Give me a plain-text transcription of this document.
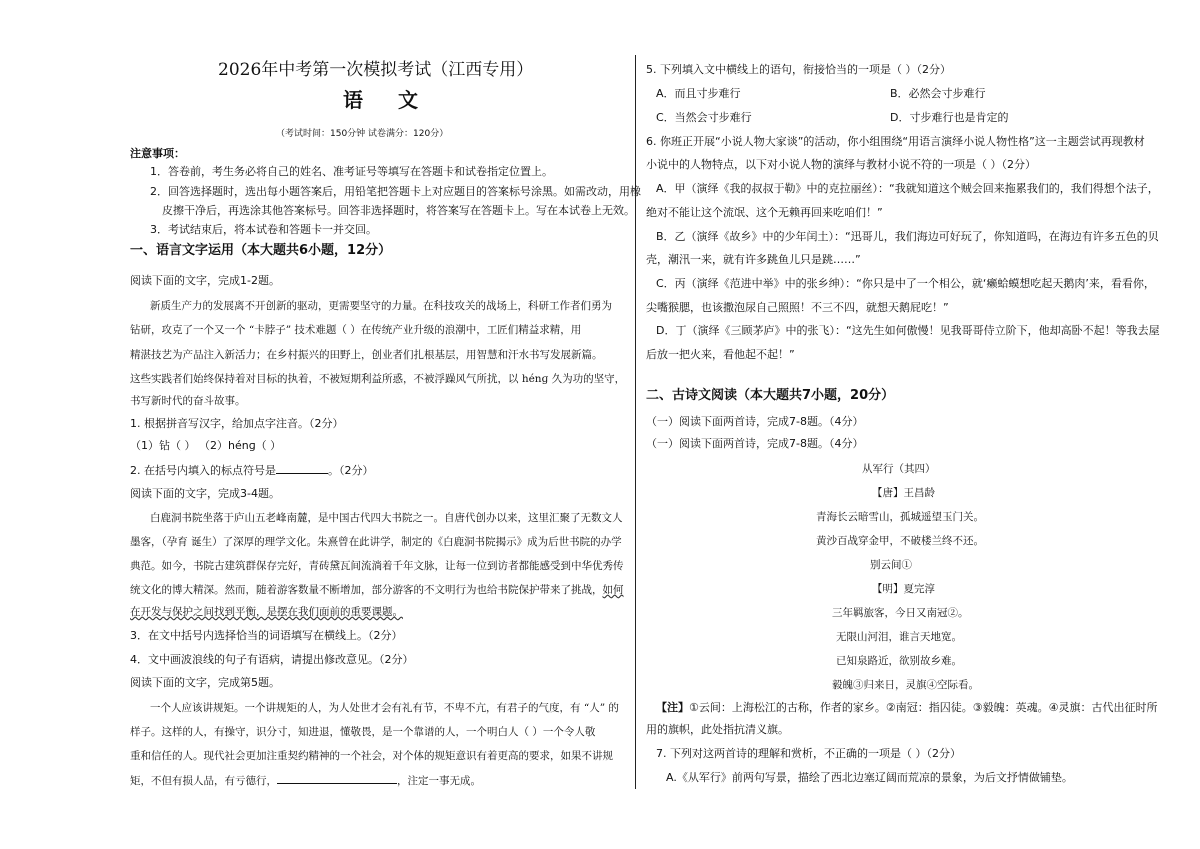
2026年中考第一次模拟考试（江西专用）
语 文
（考试时间：150分钟 试卷满分：120分）
注意事项：
1．答卷前，考生务必将自己的姓名、准考证号等填写在答题卡和试卷指定位置上。
2．回答选择题时，选出每小题答案后，用铅笔把答题卡上对应题目的答案标号涂黑。如需改动，用橡
皮擦干净后，再选涂其他答案标号。回答非选择题时，将答案写在答题卡上。写在本试卷上无效。
3．考试结束后，将本试卷和答题卡一并交回。
一、语言文字运用（本大题共6小题，12分）
阅读下面的文字，完成1-2题。
新质生产力的发展离不开创新的驱动，更需要坚守的力量。在科技攻关的战场上，科研工作者们勇为
钻研，攻克了一个又一个 “卡脖子” 技术难题（ ）在传统产业升级的浪潮中，工匠们精益求精，用
精湛技艺为产品注入新活力；在乡村振兴的田野上，创业者们扎根基层，用智慧和汗水书写发展新篇。
这些实践者们始终保持着对目标的执着，不被短期利益所惑，不被浮躁风气所扰，以 hénɡ 久为功的坚守，
书写新时代的奋斗故事。
1. 根据拼音写汉字，给加点字注音。（2分）
（1）钻（ ） （2）hénɡ（ ）
2. 在括号内填入的标点符号是	。（2分）
阅读下面的文字，完成3-4题。
白鹿洞书院坐落于庐山五老峰南麓，是中国古代四大书院之一。自唐代创办以来，这里汇聚了无数文人
墨客，（孕育 诞生）了深厚的理学文化。朱熹曾在此讲学，制定的《白鹿洞书院揭示》成为后世书院的办学
典范。如今，书院古建筑群保存完好，青砖黛瓦间流淌着千年文脉，让每一位到访者都能感受到中华优秀传
统文化的博大精深。然而，随着游客数量不断增加，部分游客的不文明行为也给书院保护带来了挑战，如何
在开发与保护之间找到平衡，是摆在我们面前的重要课题。
3．在文中括号内选择恰当的词语填写在横线上。（2分）
4．文中画波浪线的句子有语病，请提出修改意见。（2分）
阅读下面的文字，完成第5题。
一个人应该讲规矩。一个讲规矩的人，为人处世才会有礼有节，不卑不亢，有君子的气度，有 “人” 的
样子。这样的人，有操守，识分寸，知进退，懂敬畏，是一个靠谱的人，一个明白人（ ）一个令人敬
重和信任的人。现代社会更加注重契约精神的一个社会，对个体的规矩意识有着更高的要求，如果不讲规
矩，不但有损人品，有亏德行，	，注定一事无成。
5. 下列填入文中横线上的语句，衔接恰当的一项是（ ）（2分）
A．而且寸步难行	B．必然会寸步难行
C．当然会寸步难行	D．寸步难行也是肯定的
6. 你班正开展“小说人物大家谈”的活动，你小组围绕“用语言演绎小说人物性格”这一主题尝试再现教材
小说中的人物特点，以下对小说人物的演绎与教材小说不符的一项是（ ）（2分）
A．甲（演绎《我的叔叔于勒》中的克拉丽丝）：“我就知道这个贼会回来拖累我们的，我们得想个法子，
绝对不能让这个流氓、这个无赖再回来吃咱们！”
B．乙（演绎《故乡》中的少年闰土）：“迅哥儿，我们海边可好玩了，你知道吗，在海边有许多五色的贝
壳，潮汛一来，就有许多跳鱼儿只是跳……”
C．丙（演绎《范进中举》中的张乡绅）：“你只是中了一个相公，就‘癞蛤蟆想吃起天鹅肉’来，看看你，
尖嘴猴腮，也该撒泡尿自己照照！不三不四，就想天鹅屁吃！”
D．丁（演绎《三顾茅庐》中的张飞）：“这先生如何傲慢！见我哥哥侍立阶下，他却高卧不起！等我去屋
后放一把火来，看他起不起！”
二、古诗文阅读（本大题共7小题，20分）
（一）阅读下面两首诗，完成7-8题。（4分）
（一）阅读下面两首诗，完成7-8题。（4分）
从军行（其四）
【唐】王昌龄
青海长云暗雪山，孤城遥望玉门关。
黄沙百战穿金甲，不破楼兰终不还。
别云间①
【明】夏完淳
三年羁旅客，今日又南冠②。
无限山河泪，谁言天地宽。
已知泉路近，欲别故乡难。
毅魄③归来日，灵旗④空际看。
【注】①云间：上海松江的古称，作者的家乡。②南冠：指囚徒。③毅魄：英魂。④灵旗：古代出征时所
用的旗帜，此处指抗清义旗。
7. 下列对这两首诗的理解和赏析，不正确的一项是（ ）（2分）
A.《从军行》前两句写景，描绘了西北边塞辽阔而荒凉的景象，为后文抒情做铺垫。
